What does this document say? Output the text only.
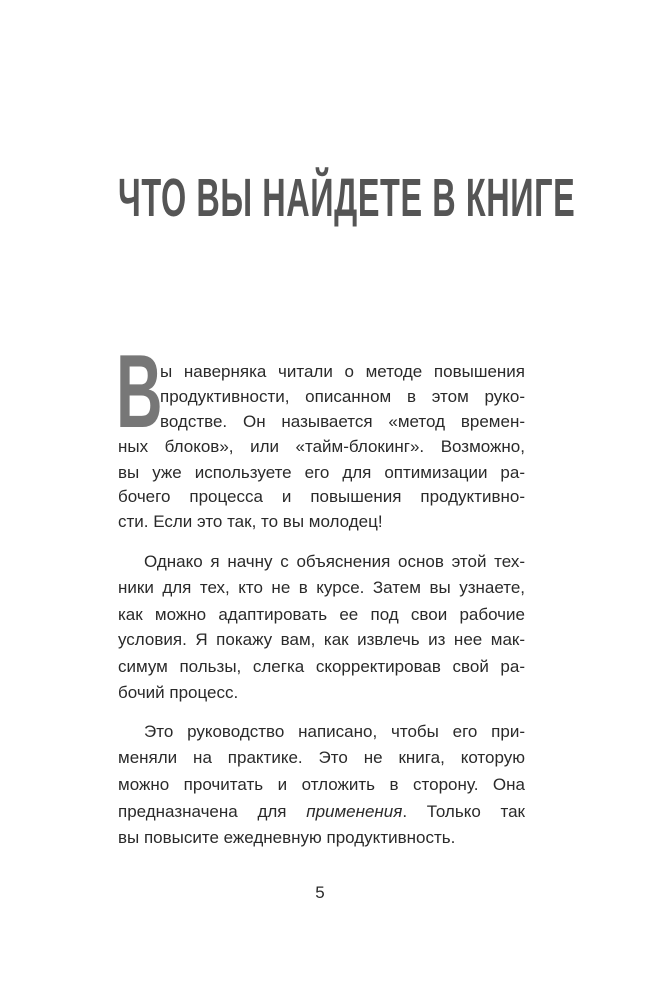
ЧТО ВЫ НАЙДЕТЕ В КНИГЕ
В
ы наверняка читали о методе повышения
продуктивности, описанном в этом руко-
водстве. Он называется «метод времен-
ных блоков», или «тайм-блокинг». Возможно,
вы уже используете его для оптимизации ра-
бочего процесса и повышения продуктивно-
сти. Если это так, то вы молодец!
Однако я начну с объяснения основ этой тех-
ники для тех, кто не в курсе. Затем вы узнаете,
как можно адаптировать ее под свои рабочие
условия. Я покажу вам, как извлечь из нее мак-
симум пользы, слегка скорректировав свой ра-
бочий процесс.
Это руководство написано, чтобы его при-
меняли на практике. Это не книга, которую
можно прочитать и отложить в сторону. Она
предназначена для применения. Только так
вы повысите ежедневную продуктивность.
5
